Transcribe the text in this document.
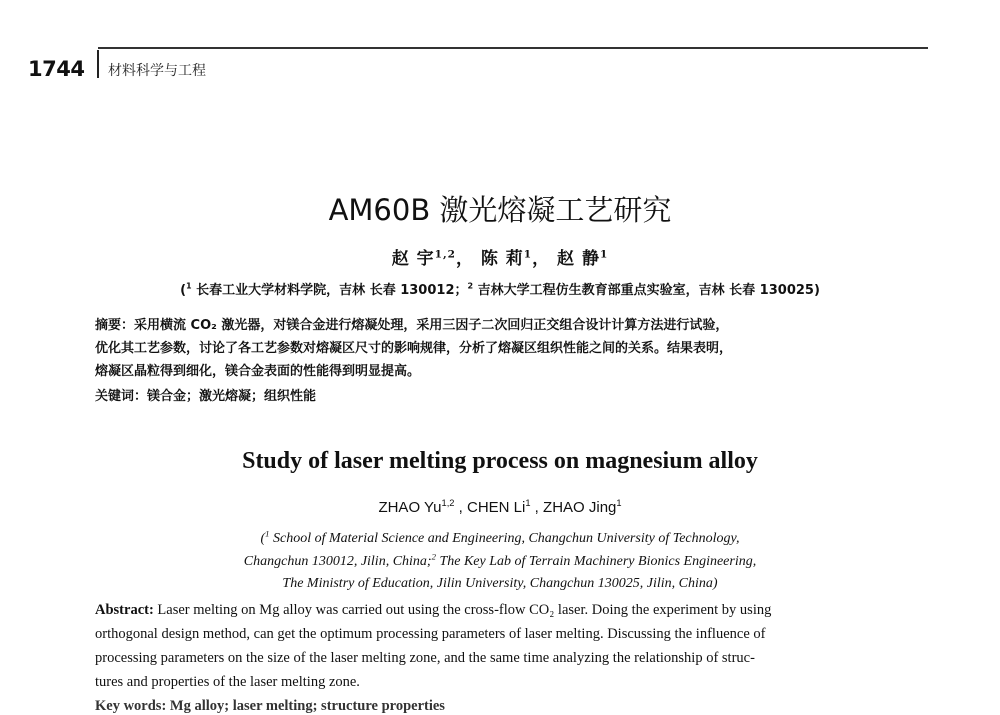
1744 材料科学与工程
AM60B 激光熔凝工艺研究
赵 宇$^{1,2}$， 陈 莉$^1$， 赵 静$^1$
($^1$ 长春工业大学材料学院，吉林 长春 130012；$^2$ 吉林大学工程仿生教育部重点实验室，吉林 长春 130025)
摘要：采用横流 CO₂ 激光器，对镁合金进行熔凝处理，采用三因子二次回归正交组合设计计算方法进行试验，
优化其工艺参数，讨论了各工艺参数对熔凝区尺寸的影响规律，分析了熔凝区组织性能之间的关系。结果表明，
熔凝区晶粒得到细化，镁合金表面的性能得到明显提高。
关键词：镁合金；激光熔凝；组织性能
Study of laser melting process on magnesium alloy
ZHAO Yu$^{1,2}$ , CHEN Li$^1$ , ZHAO Jing$^1$
($^1$ School of Material Science and Engineering, Changchun University of Technology,
Changchun 130012, Jilin, China;$^2$ The Key Lab of Terrain Machinery Bionics Engineering,
The Ministry of Education, Jilin University, Changchun 130025, Jilin, China)
Abstract: Laser melting on Mg alloy was carried out using the cross-flow CO₂ laser. Doing the experiment by using
orthogonal design method, can get the optimum processing parameters of laser melting. Discussing the influence of
processing parameters on the size of the laser melting zone, and the same time analyzing the relationship of struc-
tures and properties of the laser melting zone.
Key words: Mg alloy; laser melting; structure properties
